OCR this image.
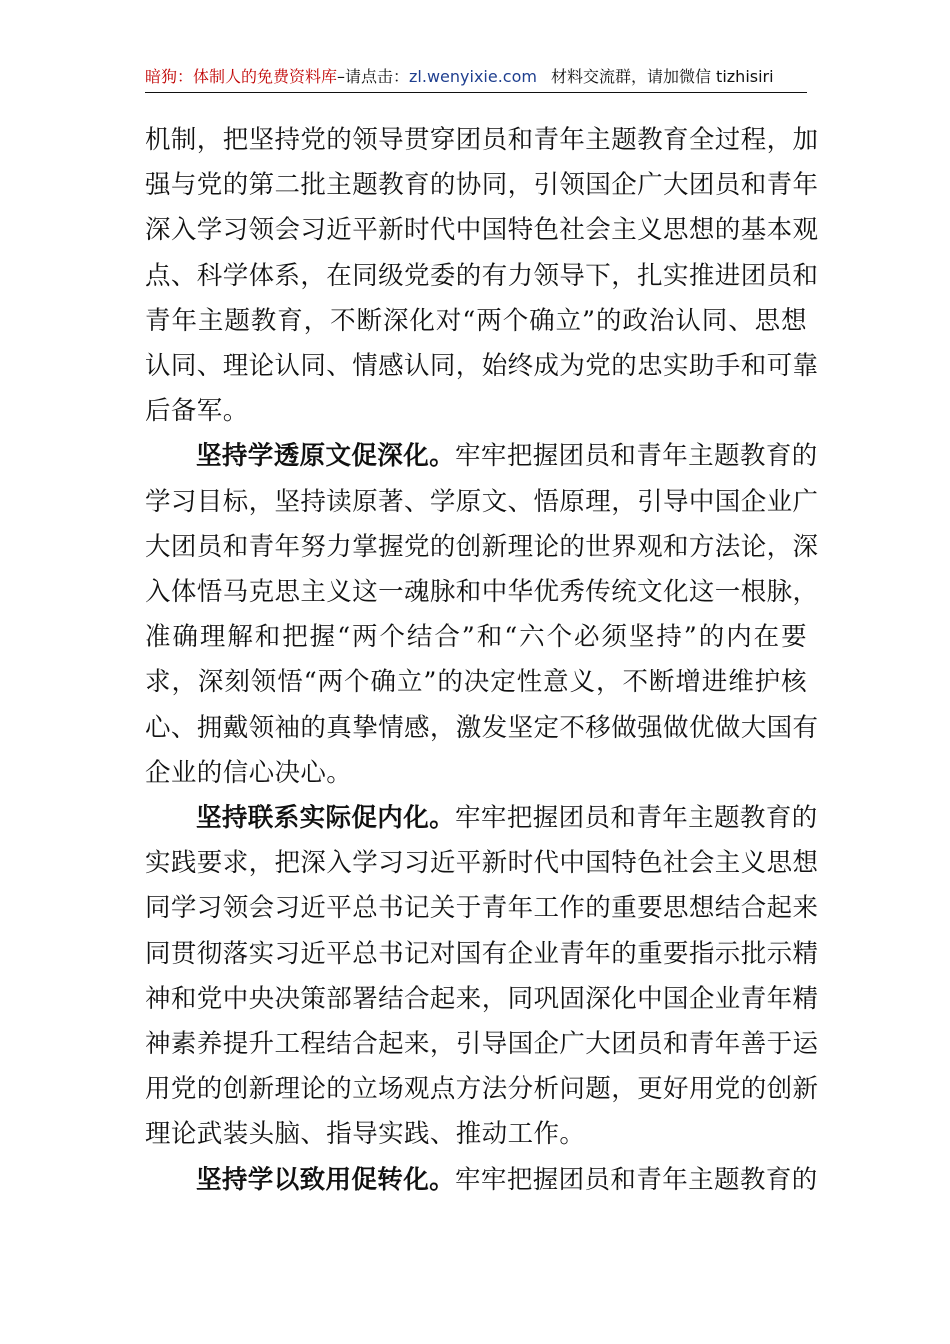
暗狗：体制人的免费资料库–请点击：zl.wenyixie.com 材料交流群，请加微信 tizhisiri

机制，把坚持党的领导贯穿团员和青年主题教育全过程，加
强与党的第二批主题教育的协同，引领国企广大团员和青年
深入学习领会习近平新时代中国特色社会主义思想的基本观
点、科学体系，在同级党委的有力领导下，扎实推进团员和
青年主题教育，不断深化对“两个确立”的政治认同、思想
认同、理论认同、情感认同，始终成为党的忠实助手和可靠
后备军。

坚持学透原文促深化。牢牢把握团员和青年主题教育的
学习目标，坚持读原著、学原文、悟原理，引导中国企业广
大团员和青年努力掌握党的创新理论的世界观和方法论，深
入体悟马克思主义这一魂脉和中华优秀传统文化这一根脉，
准确理解和把握“两个结合”和“六个必须坚持”的内在要
求，深刻领悟“两个确立”的决定性意义，不断增进维护核
心、拥戴领袖的真挚情感，激发坚定不移做强做优做大国有
企业的信心决心。

坚持联系实际促内化。牢牢把握团员和青年主题教育的
实践要求，把深入学习习近平新时代中国特色社会主义思想
同学习领会习近平总书记关于青年工作的重要思想结合起来
同贯彻落实习近平总书记对国有企业青年的重要指示批示精
神和党中央决策部署结合起来，同巩固深化中国企业青年精
神素养提升工程结合起来，引导国企广大团员和青年善于运
用党的创新理论的立场观点方法分析问题，更好用党的创新
理论武装头脑、指导实践、推动工作。

坚持学以致用促转化。牢牢把握团员和青年主题教育的
